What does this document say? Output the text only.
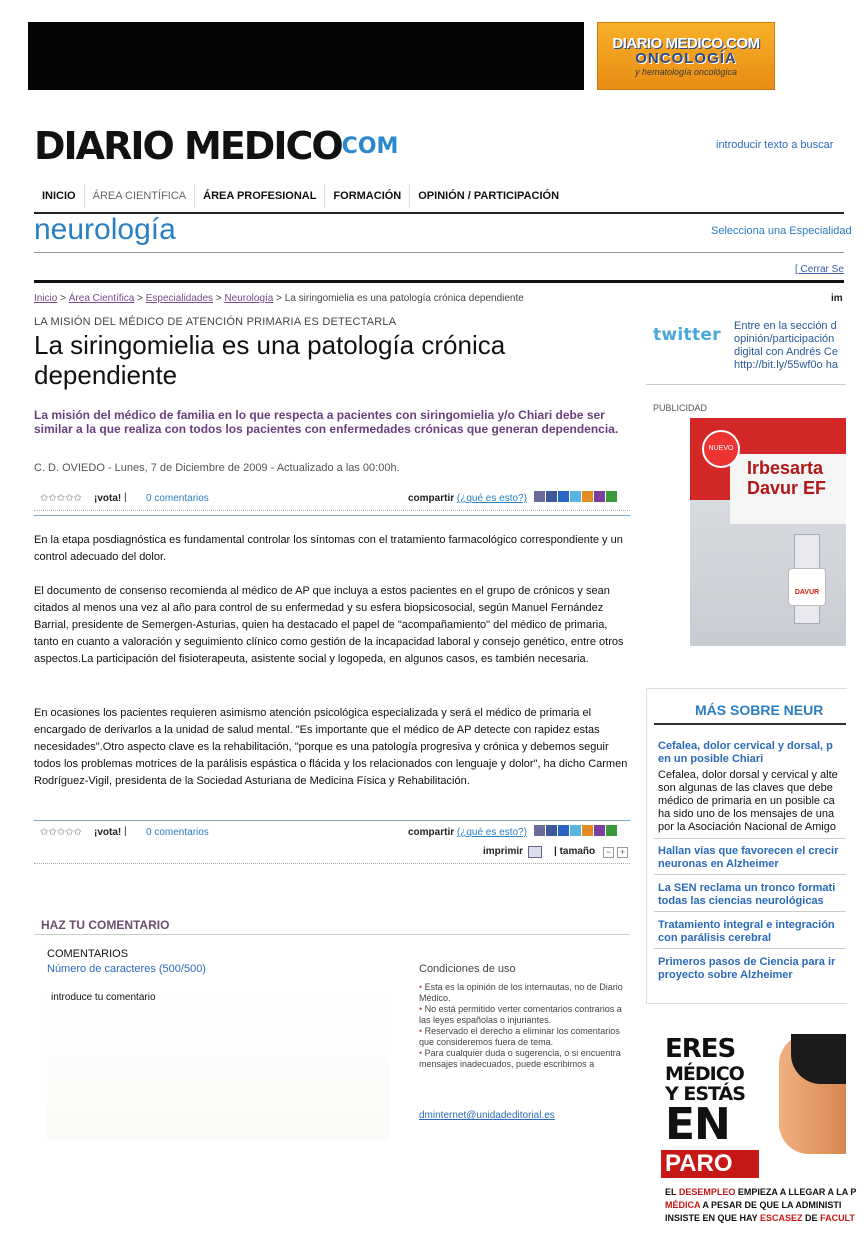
DIARIO MEDICO.COM
ONCOLOGÍA
y hematología oncológica
DIARIO MEDICOCOM	introducir texto a buscar
INICIO ÁREA CIENTÍFICA ÁREA PROFESIONAL FORMACIÓN OPINIÓN / PARTICIPACIÓN
neurología	Selecciona una Especialidad
[ Cerrar Se
Inicio > Área Científica > Especialidades > Neurología > La siringomielia es una patología crónica dependiente	im
LA MISIÓN DEL MÉDICO DE ATENCIÓN PRIMARIA ES DETECTARLA
La siringomielia es una patología crónica dependiente
La misión del médico de familia en lo que respecta a pacientes con siringomielia y/o Chiari debe ser similar a la que realiza con todos los pacientes con enfermedades crónicas que generan dependencia.
C. D. OVIEDO - Lunes, 7 de Diciembre de 2009 - Actualizado a las 00:00h.
✩✩✩✩✩ ¡vota! | 0 comentarios	compartir (¿qué es esto?)
En la etapa posdiagnóstica es fundamental controlar los síntomas con el tratamiento farmacológico correspondiente y un control adecuado del dolor.
El documento de consenso recomienda al médico de AP que incluya a estos pacientes en el grupo de crónicos y sean citados al menos una vez al año para control de su enfermedad y su esfera biopsicosocial, según Manuel Fernández Barrial, presidente de Semergen-Asturias, quien ha destacado el papel de "acompañamiento" del médico de primaria, tanto en cuanto a valoración y seguimiento clínico como gestión de la incapacidad laboral y consejo genético, entre otros aspectos.La participación del fisioterapeuta, asistente social y logopeda, en algunos casos, es también necesaria.
En ocasiones los pacientes requieren asimismo atención psicológica especializada y será el médico de primaria el encargado de derivarlos a la unidad de salud mental. "Es importante que el médico de AP detecte con rapidez estas necesidades".Otro aspecto clave es la rehabilitación, "porque es una patología progresiva y crónica y debemos seguir todos los problemas motrices de la parálisis espástica o flácida y los relacionados con lenguaje y dolor", ha dicho Carmen Rodríguez-Vigil, presidenta de la Sociedad Asturiana de Medicina Física y Rehabilitación.
✩✩✩✩✩ ¡vota! | 0 comentarios	compartir (¿qué es esto?)
imprimir	| tamaño	− +
HAZ TU COMENTARIO
COMENTARIOS
Número de caracteres (500/500)
introduce tu comentario	Condiciones de uso
• Esta es la opinión de los internautas, no de Diario Médico.
• No está permitido verter comentarios contrarios a las leyes españolas o injuriantes.
• Reservado el derecho a eliminar los comentarios que consideremos fuera de tema.
• Para cualquier duda o sugerencia, o si encuentra mensajes inadecuados, puede escribimos a
dminternet@unidadeditorial.es
twitter Entre en la sección d
opinión/participación
digital con Andrés Ce
http://bit.ly/55wf0o ha
PUBLICIDAD
NUEVO
Irbesarta
Davur EF
DAVUR
MÁS SOBRE NEUR
Cefalea, dolor cervical y dorsal, p
en un posible Chiari
Cefalea, dolor dorsal y cervical y alte
son algunas de las claves que debe
médico de primaria en un posible ca
ha sido uno de los mensajes de una
por la Asociación Nacional de Amigo
Hallan vías que favorecen el crecir
neuronas en Alzheimer
La SEN reclama un tronco formati
todas las ciencias neurológicas
Tratamiento integral e integración
con parálisis cerebral
Primeros pasos de Ciencia para ir
proyecto sobre Alzheimer
ERES
MÉDICO
Y ESTÁS
EN
PARO
EL DESEMPLEO EMPIEZA A LLEGAR A LA P
MÉDICA A PESAR DE QUE LA ADMINISTI
INSISTE EN QUE HAY ESCASEZ DE FACULT
